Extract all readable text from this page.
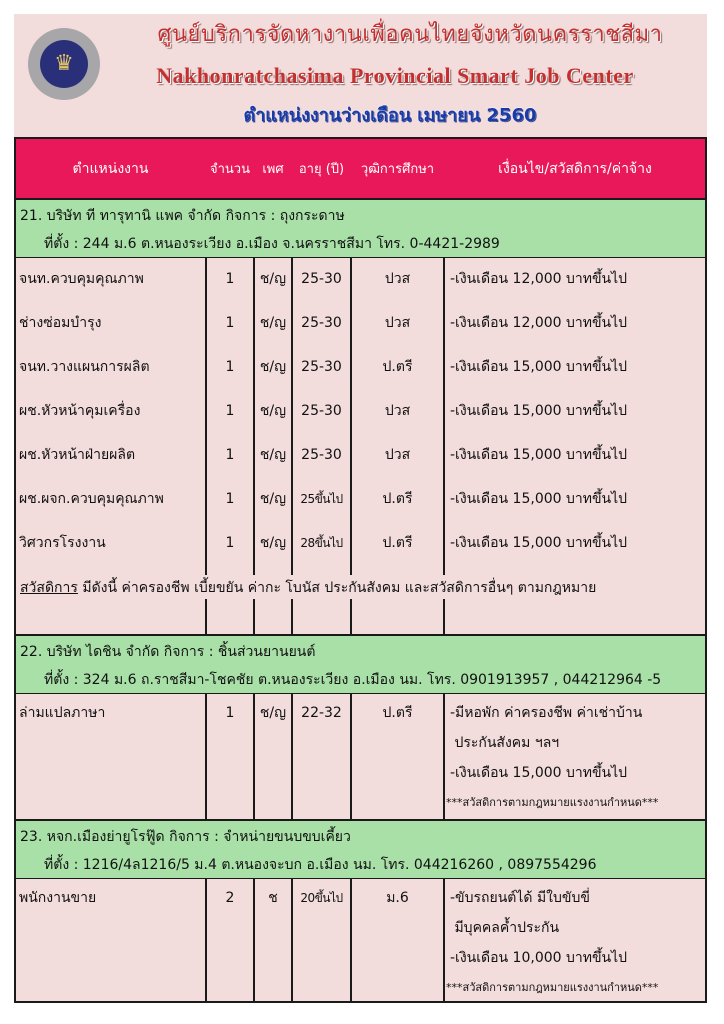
♛
ศูนย์บริการจัดหางานเพื่อคนไทยจังหวัดนครราชสีมา
Nakhonratchasima Provincial Smart Job Center
ตำแหน่งงานว่างเดือน เมษายน 2560
ตำแหน่งงาน	จำนวน เพศ	อายุ (ปี)	วุฒิการศึกษา	เงื่อนไข/สวัสดิการ/ค่าจ้าง
21. บริษัท ที ทารุทานิ แพค จำกัด กิจการ : ถุงกระดาษ
ที่ตั้ง : 244 ม.6 ต.หนองระเวียง อ.เมือง จ.นครราชสีมา โทร. 0-4421-2989
จนท.ควบคุมคุณภาพ	1	ช/ญ	25-30	ปวส	-เงินเดือน 12,000 บาทขึ้นไป
ช่างซ่อมบำรุง	1	ช/ญ	25-30	ปวส	-เงินเดือน 12,000 บาทขึ้นไป
จนท.วางแผนการผลิต	1	ช/ญ	25-30	ป.ตรี	-เงินเดือน 15,000 บาทขึ้นไป
ผช.หัวหน้าคุมเครื่อง	1	ช/ญ	25-30	ปวส	-เงินเดือน 15,000 บาทขึ้นไป
ผช.หัวหน้าฝ่ายผลิต	1	ช/ญ	25-30	ปวส	-เงินเดือน 15,000 บาทขึ้นไป
ผช.ผจก.ควบคุมคุณภาพ	1	ช/ญ	25ขึ้นไป	ป.ตรี	-เงินเดือน 15,000 บาทขึ้นไป
วิศวกรโรงงาน	1	ช/ญ	28ขึ้นไป	ป.ตรี	-เงินเดือน 15,000 บาทขึ้นไป
สวัสดิการ มีดังนี้ ค่าครองชีพ เบี้ยขยัน ค่ากะ โบนัส ประกันสังคม และสวัสดิการอื่นๆ ตามกฎหมาย
22. บริษัท ไดชิน จำกัด กิจการ : ชิ้นส่วนยานยนต์
ที่ตั้ง : 324 ม.6 ถ.ราชสีมา-โชคชัย ต.หนองระเวียง อ.เมือง นม. โทร. 0901913957 , 044212964 -5
ล่ามแปลภาษา	1	ช/ญ	22-32	ป.ตรี	-มีหอพัก ค่าครองชีพ ค่าเช่าบ้าน
ประกันสังคม ฯลฯ
-เงินเดือน 15,000 บาทขึ้นไป
***สวัสดิการตามกฎหมายแรงงานกำหนด***
23. หจก.เมืองย่ายูโรฟู๊ด กิจการ : จำหน่ายขนบขบเคี้ยว
ที่ตั้ง : 1216/4ล1216/5 ม.4 ต.หนองจะบก อ.เมือง นม. โทร. 044216260 , 0897554296
พนักงานขาย	2	ช	20ขึ้นไป	ม.6	-ขับรถยนต์ได้ มีใบขับขี่
มีบุคคลค้ำประกัน
-เงินเดือน 10,000 บาทขึ้นไป
***สวัสดิการตามกฎหมายแรงงานกำหนด***
